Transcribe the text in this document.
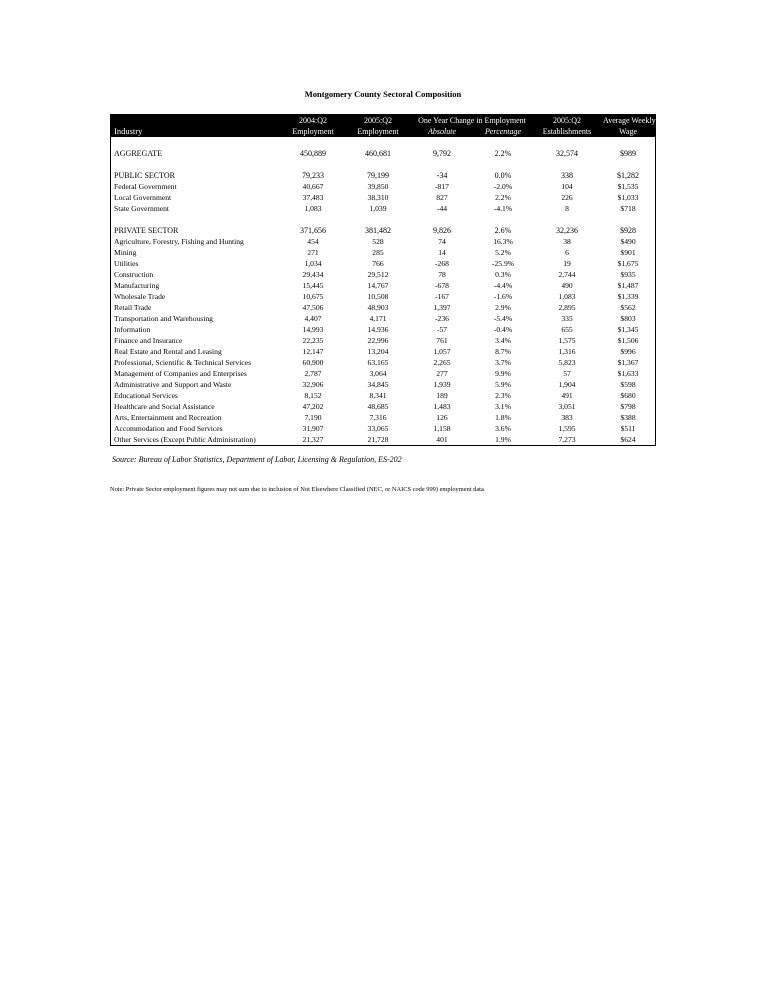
Montgomery County Sectoral Composition
	2004:Q2	2005:Q2	One Year Change in Employment		2005:Q2	Average Weekly
Industry	Employment	Employment	Absolute	Percentage	Establishments	Wage

AGGREGATE	450,889	460,681	9,792	2.2%	32,574	$989

PUBLIC SECTOR	79,233	79,199	-34	0.0%	338	$1,282
Federal Government	40,667	39,850	-817	-2.0%	104	$1,535
Local Government	37,483	38,310	827	2.2%	226	$1,033
State Government	1,083	1,039	-44	-4.1%	8	$718

PRIVATE SECTOR	371,656	381,482	9,826	2.6%	32,236	$928
Agriculture, Forestry, Fishing and Hunting	454	528	74	16.3%	38	$490
Mining	271	285	14	5.2%	6	$901
Utilities	1,034	766	-268	-25.9%	19	$1,675
Construction	29,434	29,512	78	0.3%	2,744	$935
Manufacturing	15,445	14,767	-678	-4.4%	490	$1,487
Wholesale Trade	10,675	10,508	-167	-1.6%	1,083	$1,339
Retail Trade	47,506	48,903	1,397	2.9%	2,895	$562
Transportation and Warehousing	4,407	4,171	-236	-5.4%	335	$803
Information	14,993	14,936	-57	-0.4%	655	$1,345
Finance and Insurance	22,235	22,996	761	3.4%	1,575	$1,506
Real Estate and Rental and Leasing	12,147	13,204	1,057	8.7%	1,316	$996
Professional, Scientific & Technical Services	60,900	63,165	2,265	3.7%	5,823	$1,367
Management of Companies and Enterprises	2,787	3,064	277	9.9%	57	$1,633
Administrative and Support and Waste	32,906	34,845	1,939	5.9%	1,904	$598
Educational Services	8,152	8,341	189	2.3%	491	$680
Healthcare and Social Assistance	47,202	48,685	1,483	3.1%	3,051	$798
Arts, Entertainment and Recreation	7,190	7,316	126	1.8%	383	$388
Accommodation and Food Services	31,907	33,065	1,158	3.6%	1,595	$511
Other Services (Except Public Administration)	21,327	21,728	401	1.9%	7,273	$624
Source: Bureau of Labor Statistics, Department of Labor, Licensing & Regulation, ES-202
Note: Private Sector employment figures may not sum due to inclusion of Not Elsewhere Classified (NEC, or NAICS code 999) employment data.
